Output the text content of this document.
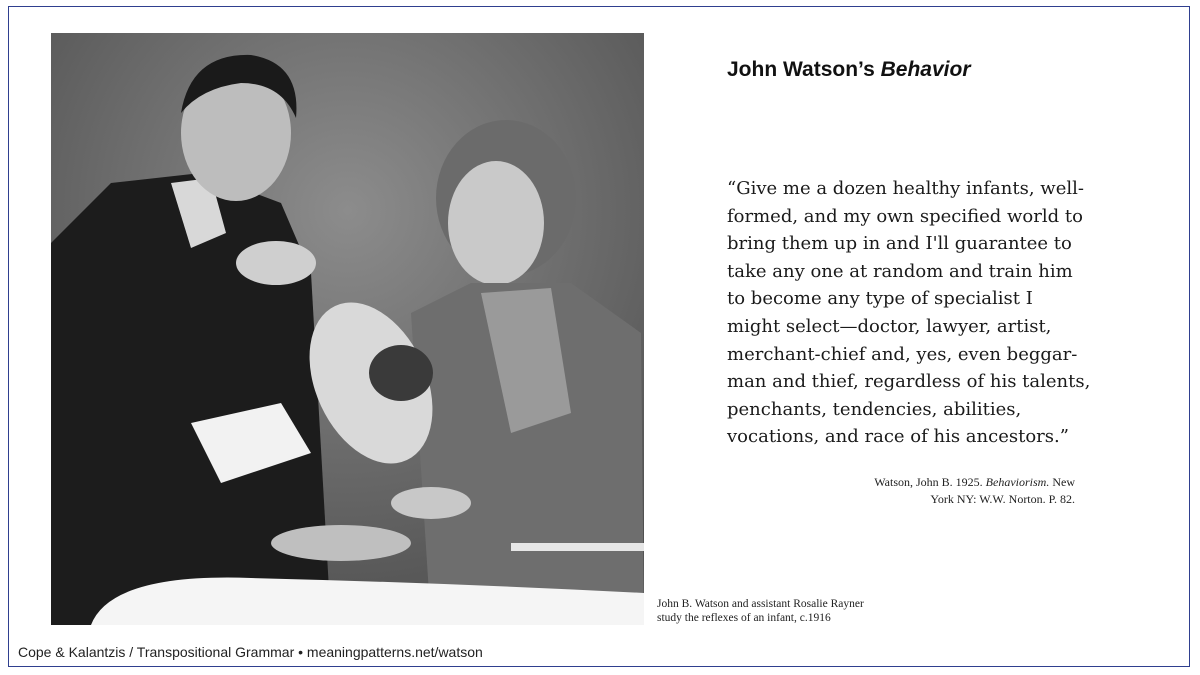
John Watson’s Behavior
“Give me a dozen healthy infants, well-
formed, and my own specified world to
bring them up in and I'll guarantee to
take any one at random and train him
to become any type of specialist I
might select—doctor, lawyer, artist,
merchant-chief and, yes, even beggar-
man and thief, regardless of his talents,
penchants, tendencies, abilities,
vocations, and race of his ancestors.”
Watson, John B. 1925. Behaviorism. New
York NY: W.W. Norton. P. 82.
John B. Watson and assistant Rosalie Rayner
study the reflexes of an infant, c.1916
Cope & Kalantzis / Transpositional Grammar • meaningpatterns.net/watson
